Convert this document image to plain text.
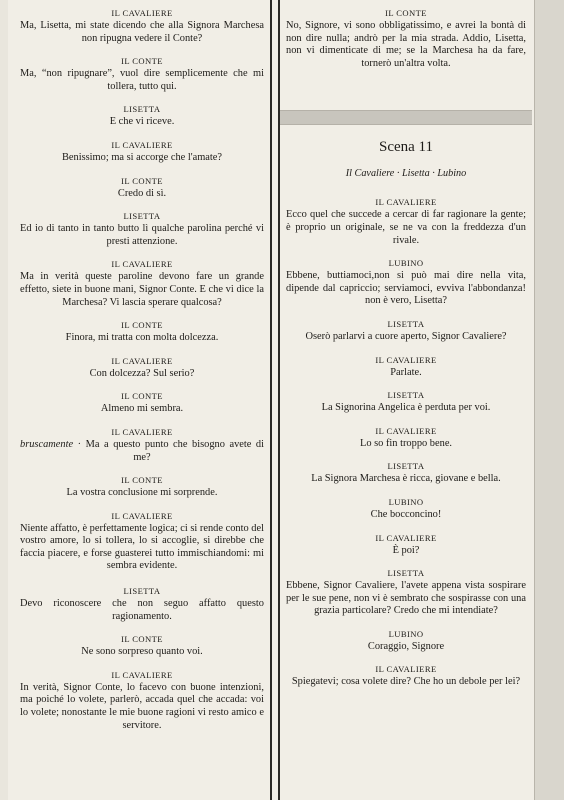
IL CAVALIERE
Ma, Lisetta, mi state dicendo che alla Signora Marchesa non ripugna vedere il Conte?
IL CONTE
Ma, “non ripugnare”, vuol dire semplicemente che mi tollera, tutto qui.
LISETTA
E che vi riceve.
IL CAVALIERE
Benissimo; ma si accorge che l'amate?
IL CONTE
Credo di sì.
LISETTA
Ed io di tanto in tanto butto lì qualche parolina perché vi presti attenzione.
IL CAVALIERE
Ma in verità queste paroline devono fare un grande effetto, siete in buone mani, Signor Conte. E che vi dice la Marchesa? Vi lascia sperare qualcosa?
IL CONTE
Finora, mi tratta con molta dolcezza.
IL CAVALIERE
Con dolcezza? Sul serio?
IL CONTE
Almeno mi sembra.
IL CAVALIERE
bruscamente · Ma a questo punto che bisogno avete di me?
IL CONTE
La vostra conclusione mi sorprende.
IL CAVALIERE
Niente affatto, è perfettamente logica; ci si rende conto del vostro amore, lo si tollera, lo si accoglie, si direbbe che faccia piacere, e forse guasterei tutto immischiandomi: mi sembra evidente.
LISETTA
Devo riconoscere che non seguo affatto questo ragionamento.
IL CONTE
Ne sono sorpreso quanto voi.
IL CAVALIERE
In verità, Signor Conte, lo facevo con buone intenzioni, ma poiché lo volete, parlerò, accada quel che accada: voi lo volete; nonostante le mie buone ragioni vi resto amico e servitore.
IL CONTE
No, Signore, vi sono obbligatissimo, e avrei la bontà di non dire nulla; andrò per la mia strada. Addio, Lisetta, non vi dimenticate di me; se la Marchesa ha da fare, tornerò un'altra volta.
Scena 11
Il Cavaliere · Lisetta · Lubino
IL CAVALIERE
Ecco quel che succede a cercar di far ragionare la gente; è proprio un originale, se ne va con la freddezza d'un rivale.
LUBINO
Ebbene, buttiamoci,non si può mai dire nella vita, dipende dal capriccio; serviamoci, evviva l'abbondanza! non è vero, Lisetta?
LISETTA
Oserò parlarvi a cuore aperto, Signor Cavaliere?
IL CAVALIERE
Parlate.
LISETTA
La Signorina Angelica è perduta per voi.
IL CAVALIERE
Lo so fin troppo bene.
LISETTA
La Signora Marchesa è ricca, giovane e bella.
LUBINO
Che bocconcino!
IL CAVALIERE
È poi?
LISETTA
Ebbene, Signor Cavaliere, l'avete appena vista sospirare per le sue pene, non vi è sembrato che sospirasse con una grazia particolare? Credo che mi intendiate?
LUBINO
Coraggio, Signore
IL CAVALIERE
Spiegatevi; cosa volete dire? Che ho un debole per lei?
